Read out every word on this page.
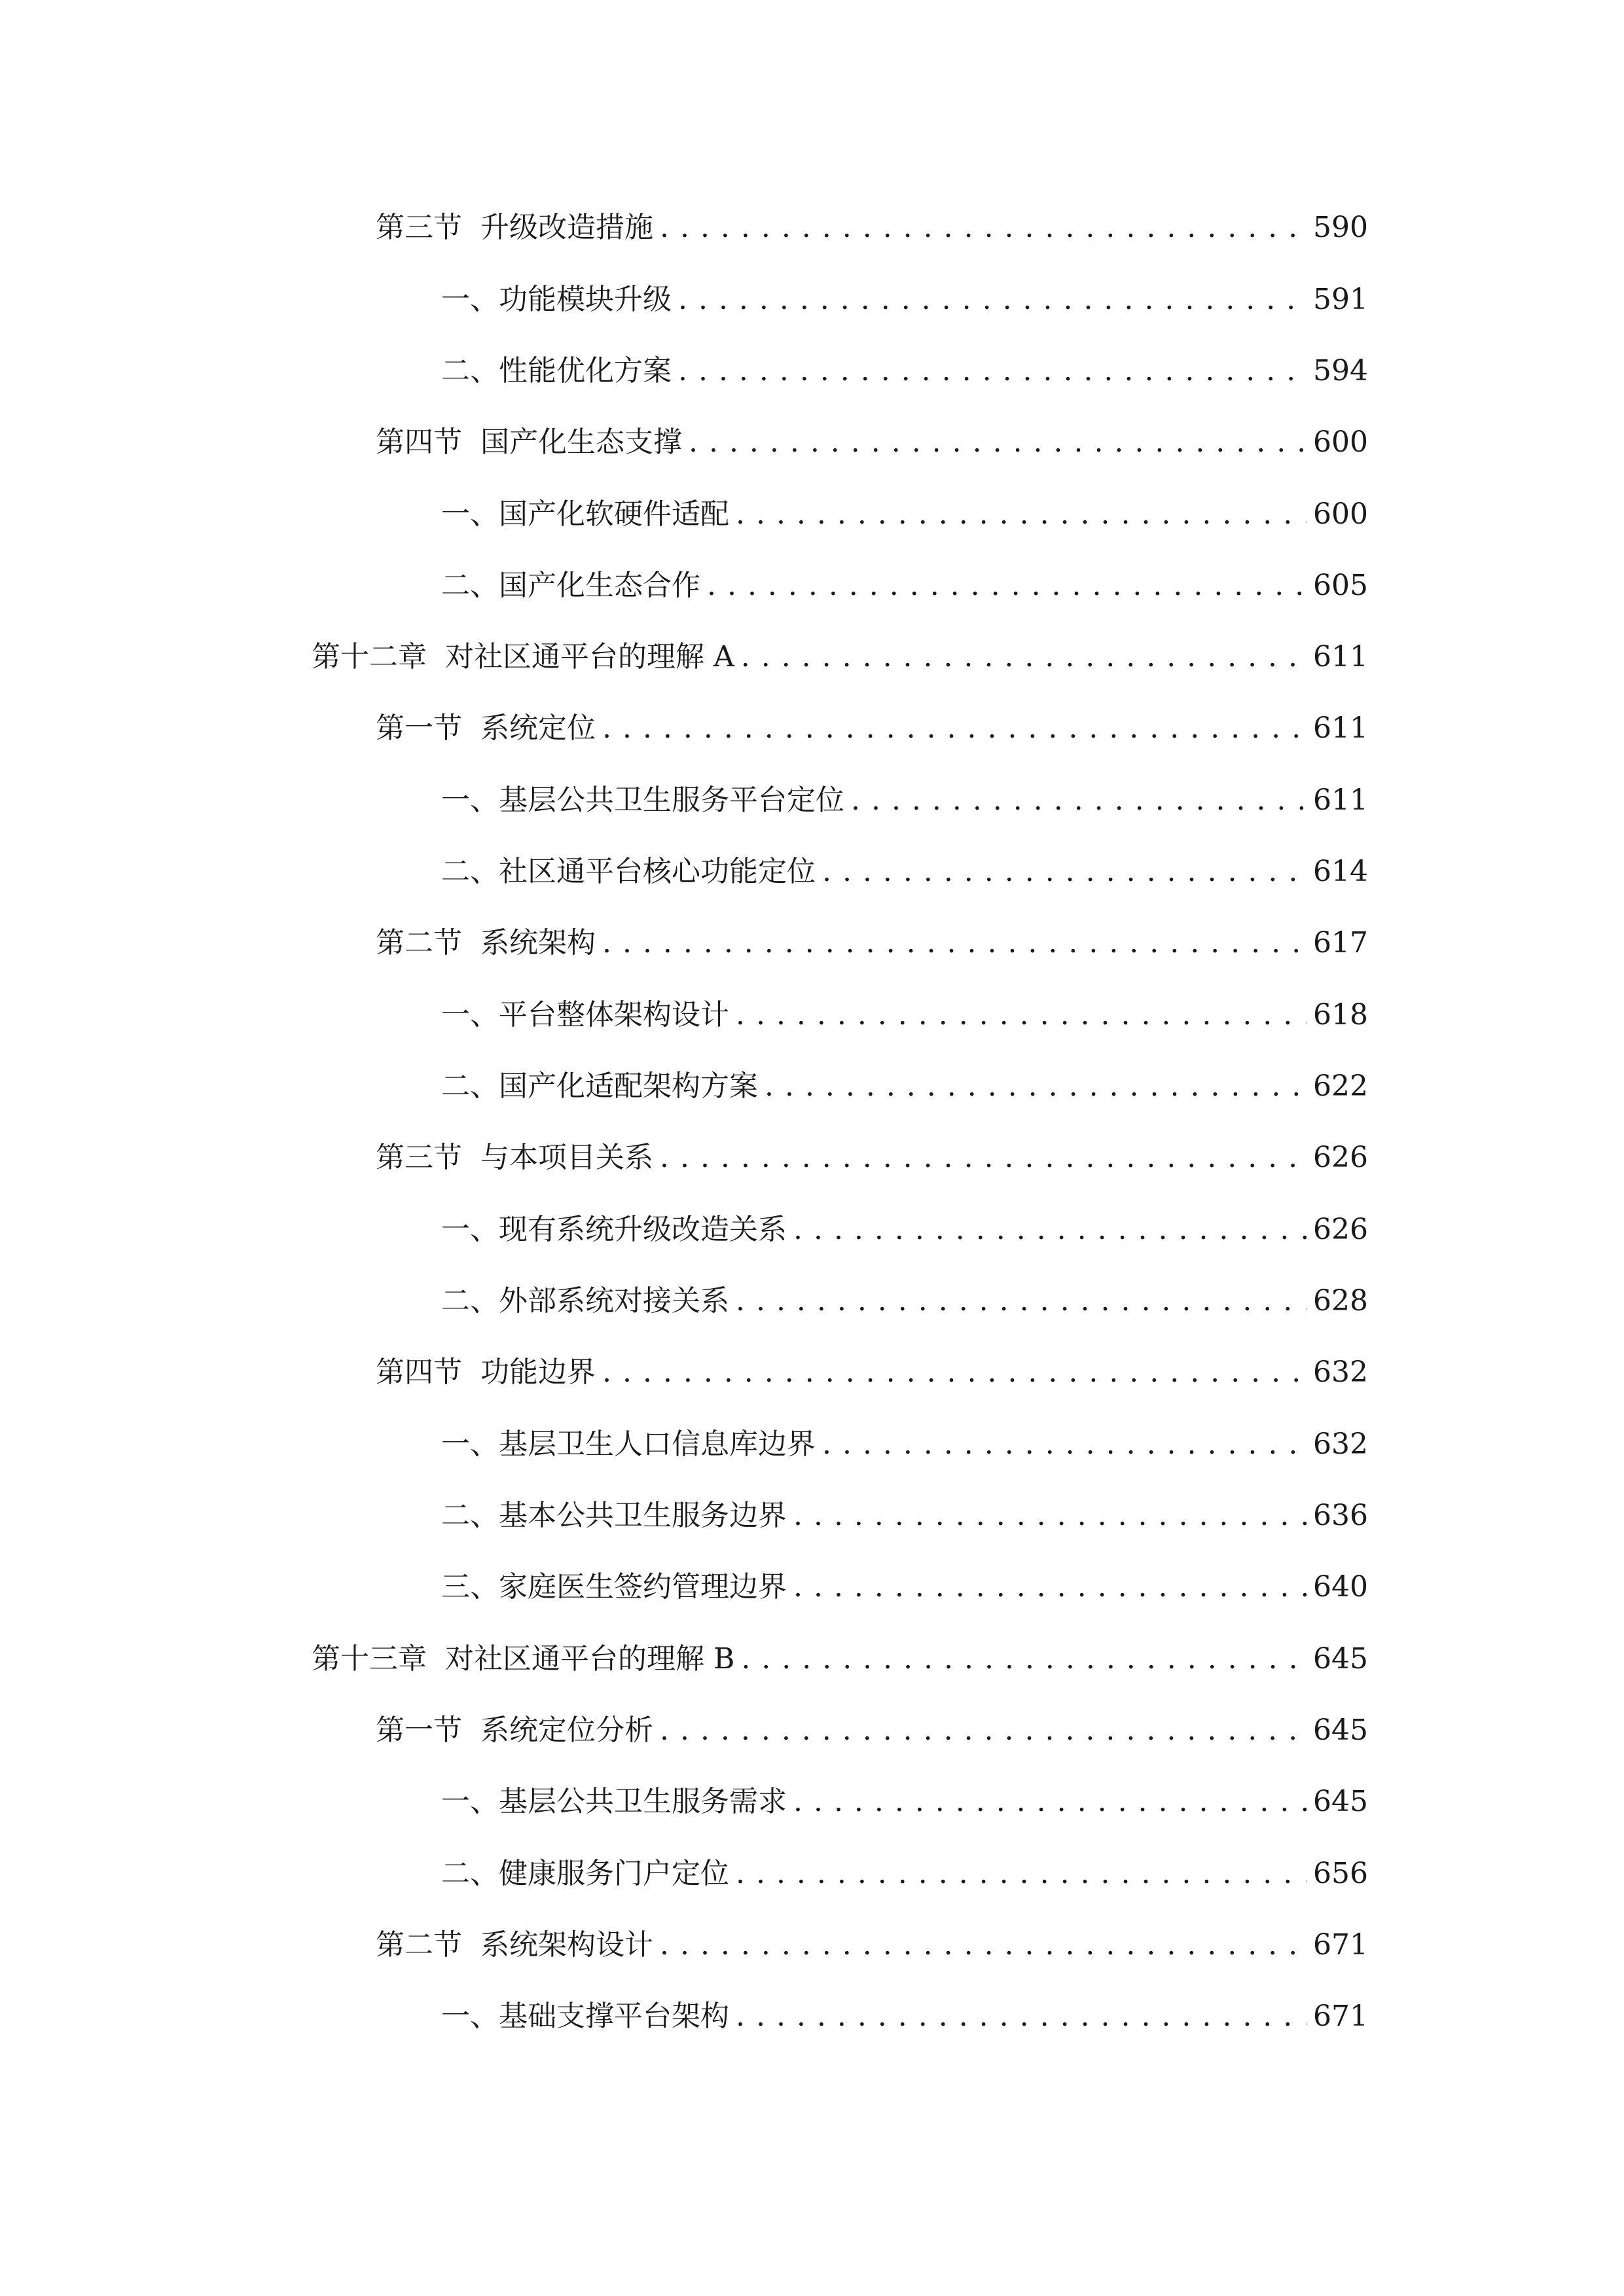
第三节 升级改造措施 . . .	590
一、 功能模块升级 . . .	591
二、 性能优化方案 . . .	594
第四节 国产化生态支撑 . . .	600
一、 国产化软硬件适配 . . .	600
二、 国产化生态合作 . . .	605
第十二章 对社区通平台的理解 A . . .	611
第一节 系统定位 . . .	611
一、 基层公共卫生服务平台定位 . . .	611
二、 社区通平台核心功能定位 . . .	614
第二节 系统架构 . . .	617
一、 平台整体架构设计 . . .	618
二、 国产化适配架构方案 . . .	622
第三节 与本项目关系 . . .	626
一、 现有系统升级改造关系 . . .	626
二、 外部系统对接关系 . . .	628
第四节 功能边界 . . .	632
一、 基层卫生人口信息库边界 . . .	632
二、 基本公共卫生服务边界 . . .	636
三、 家庭医生签约管理边界 . . .	640
第十三章 对社区通平台的理解 B . . .	645
第一节 系统定位分析 . . .	645
一、 基层公共卫生服务需求 . . .	645
二、 健康服务门户定位 . . .	656
第二节 系统架构设计 . . .	671
一、 基础支撑平台架构 . . .	671
